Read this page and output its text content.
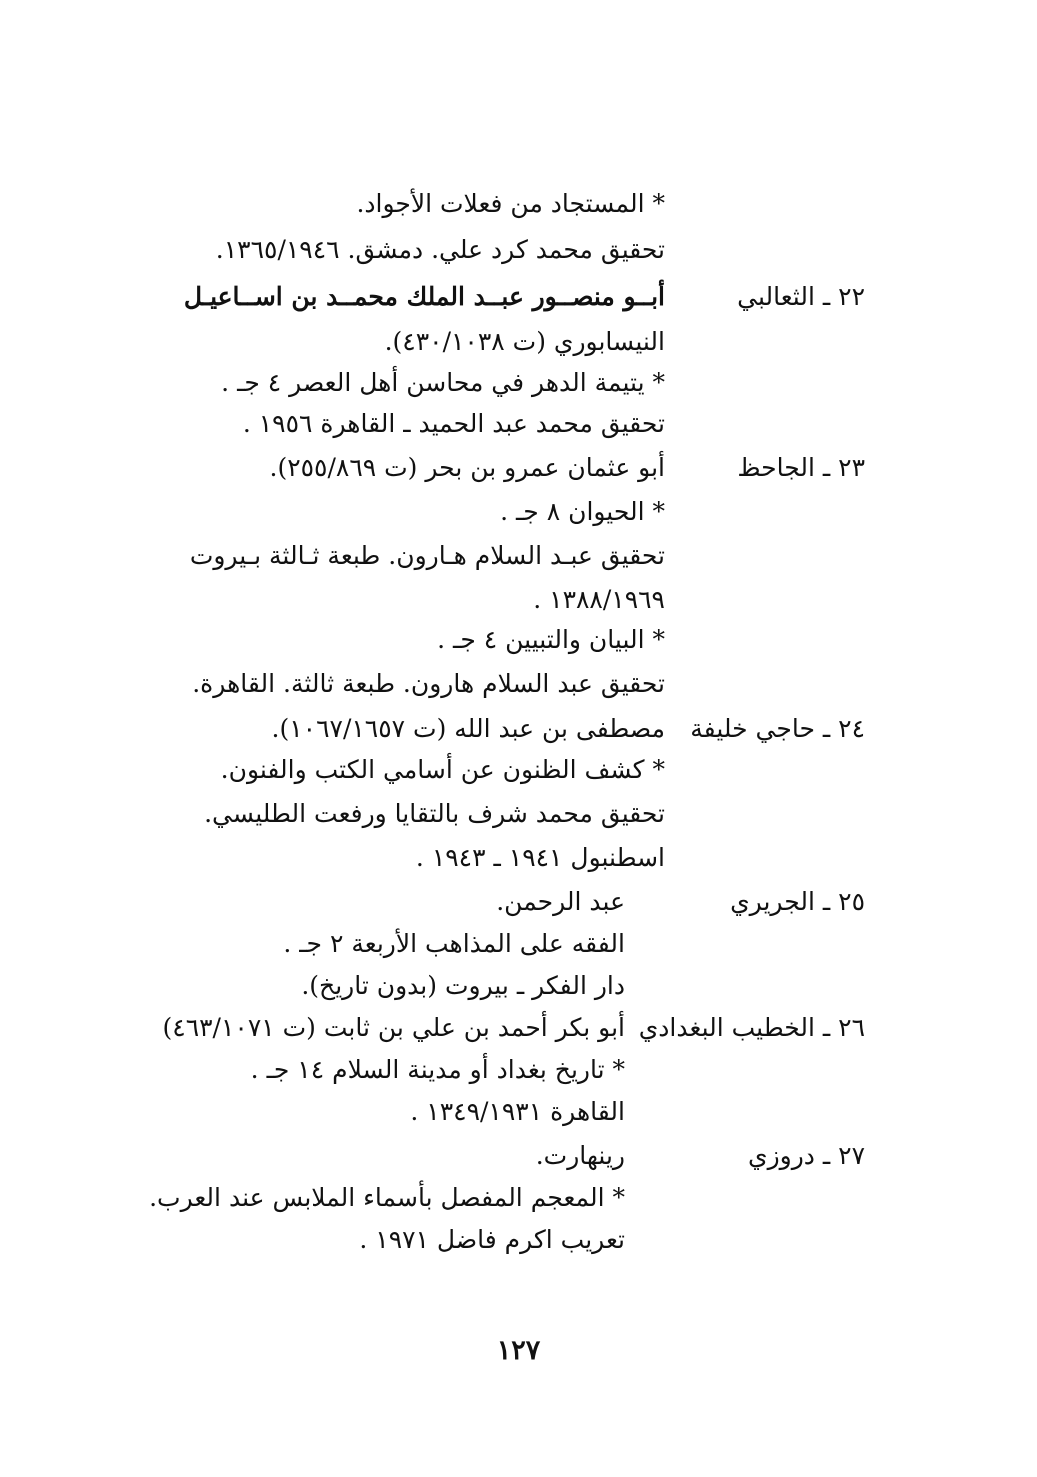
* المستجاد من فعلات الأجواد.
تحقيق محمد كرد علي. دمشق. ١٣٦٥/١٩٤٦.
٢٢ ـ الثعالبي
أبــو منصــور عبــد الملك محمــد بن اســاعيـل
النيسابوري (ت ٤٣٠/١٠٣٨).
* يتيمة الدهر في محاسن أهل العصر ٤ جـ .
تحقيق محمد عبد الحميد ـ القاهرة ١٩٥٦ .
٢٣ ـ الجاحظ
أبو عثمان عمرو بن بحر (ت ٢٥٥/٨٦٩).
* الحيوان ٨ جـ .
تحقيق عبـد السلام هـارون. طبعة ثـالثة بـيروت
١٣٨٨/١٩٦٩ .
* البيان والتبيين ٤ جـ .
تحقيق عبد السلام هارون. طبعة ثالثة. القاهرة.
٢٤ ـ حاجي خليفة
مصطفى بن عبد الله (ت ١٠٦٧/١٦٥٧).
* كشف الظنون عن أسامي الكتب والفنون.
تحقيق محمد شرف بالتقايا ورفعت الطليسي.
اسطنبول ١٩٤١ ـ ١٩٤٣ .
٢٥ ـ الجريري
عبد الرحمن.
الفقه على المذاهب الأربعة ٢ جـ .
دار الفكر ـ بيروت (بدون تاريخ).
٢٦ ـ الخطيب البغدادي
أبو بكر أحمد بن علي بن ثابت (ت ٤٦٣/١٠٧١)
* تاريخ بغداد أو مدينة السلام ١٤ جـ .
القاهرة ١٣٤٩/١٩٣١ .
٢٧ ـ دروزي
رينهارت.
* المعجم المفصل بأسماء الملابس عند العرب.
تعريب اكرم فاضل ١٩٧١ .
١٢٧
